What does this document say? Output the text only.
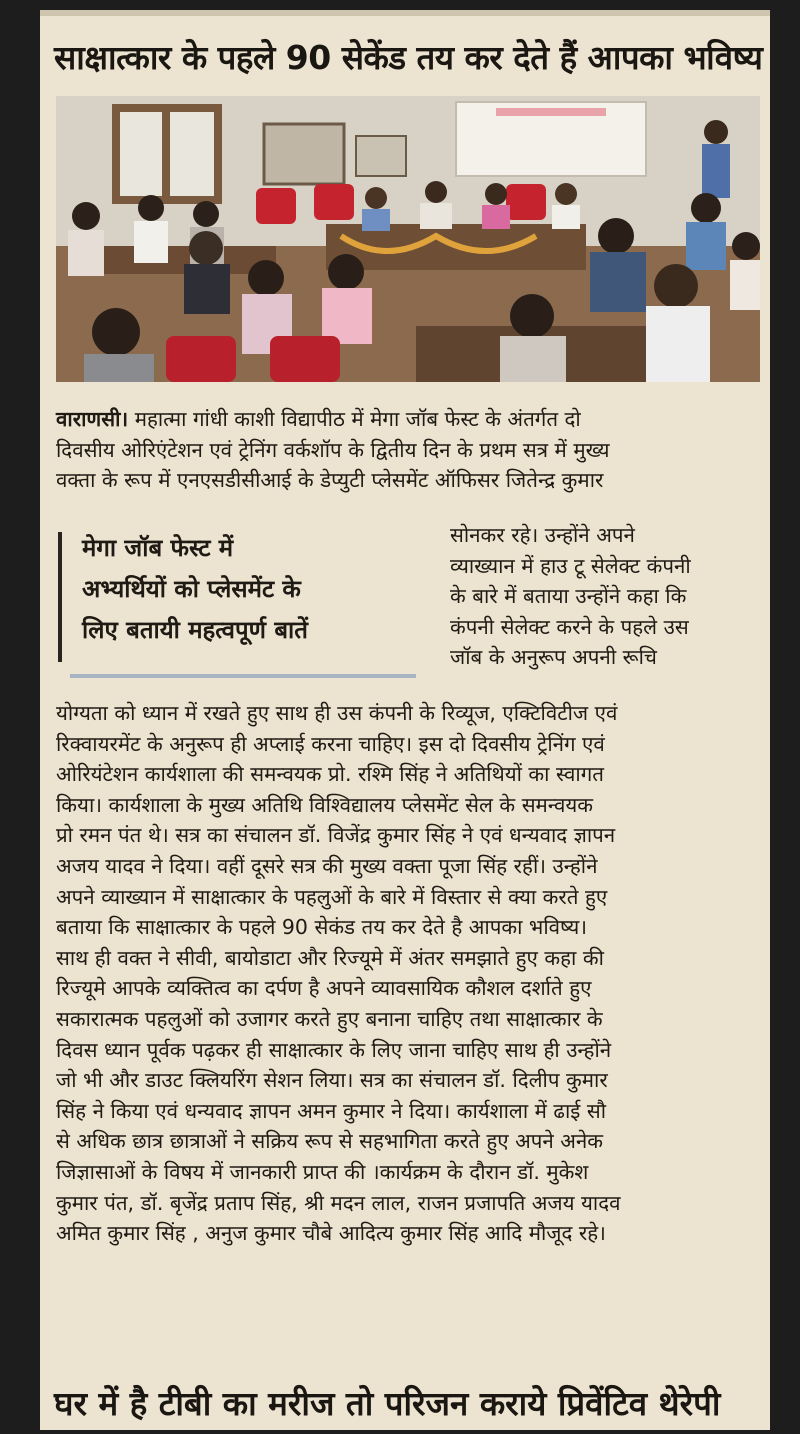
साक्षात्कार के पहले 90 सेकेंड तय कर देते हैं आपका भविष्य
वाराणसी। महात्मा गांधी काशी विद्यापीठ में मेगा जॉब फेस्ट के अंतर्गत दो
दिवसीय ओरिएंटेशन एवं ट्रेनिंग वर्कशॉप के द्वितीय दिन के प्रथम सत्र में मुख्य
वक्ता के रूप में एनएसडीसीआई के डेप्युटी प्लेसमेंट ऑफिसर जितेन्द्र कुमार
मेगा जॉब फेस्ट में
अभ्यर्थियों को प्लेसमेंट के
लिए बतायी महत्वपूर्ण बातें
सोनकर रहे। उन्होंने अपने
व्याख्यान में हाउ टू सेलेक्ट कंपनी
के बारे में बताया उन्होंने कहा कि
कंपनी सेलेक्ट करने के पहले उस
जॉब के अनुरूप अपनी रूचि
योग्यता को ध्यान में रखते हुए साथ ही उस कंपनी के रिव्यूज, एक्टिविटीज एवं
रिक्वायरमेंट के अनुरूप ही अप्लाई करना चाहिए। इस दो दिवसीय ट्रेनिंग एवं
ओरियंटेशन कार्यशाला की समन्वयक प्रो. रश्मि सिंह ने अतिथियों का स्वागत
किया। कार्यशाला के मुख्य अतिथि विश्विद्यालय प्लेसमेंट सेल के समन्वयक
प्रो रमन पंत थे। सत्र का संचालन डॉ. विजेंद्र कुमार सिंह ने एवं धन्यवाद ज्ञापन
अजय यादव ने दिया। वहीं दूसरे सत्र की मुख्य वक्ता पूजा सिंह रहीं। उन्होंने
अपने व्याख्यान में साक्षात्कार के पहलुओं के बारे में विस्तार से क्या करते हुए
बताया कि साक्षात्कार के पहले 90 सेकंड तय कर देते है आपका भविष्य।
साथ ही वक्त ने सीवी, बायोडाटा और रिज्यूमे में अंतर समझाते हुए कहा की
रिज्यूमे आपके व्यक्तित्व का दर्पण है अपने व्यावसायिक कौशल दर्शाते हुए
सकारात्मक पहलुओं को उजागर करते हुए बनाना चाहिए तथा साक्षात्कार के
दिवस ध्यान पूर्वक पढ़कर ही साक्षात्कार के लिए जाना चाहिए साथ ही उन्होंने
जो भी और डाउट क्लियरिंग सेशन लिया। सत्र का संचालन डॉ. दिलीप कुमार
सिंह ने किया एवं धन्यवाद ज्ञापन अमन कुमार ने दिया। कार्यशाला में ढाई सौ
से अधिक छात्र छात्राओं ने सक्रिय रूप से सहभागिता करते हुए अपने अनेक
जिज्ञासाओं के विषय में जानकारी प्राप्त की ।कार्यक्रम के दौरान डॉ. मुकेश
कुमार पंत, डॉ. बृजेंद्र प्रताप सिंह, श्री मदन लाल, राजन प्रजापति अजय यादव
अमित कुमार सिंह , अनुज कुमार चौबे आदित्य कुमार सिंह आदि मौजूद रहे।
घर में है टीबी का मरीज तो परिजन कराये प्रिवेंटिव थेरेपी
